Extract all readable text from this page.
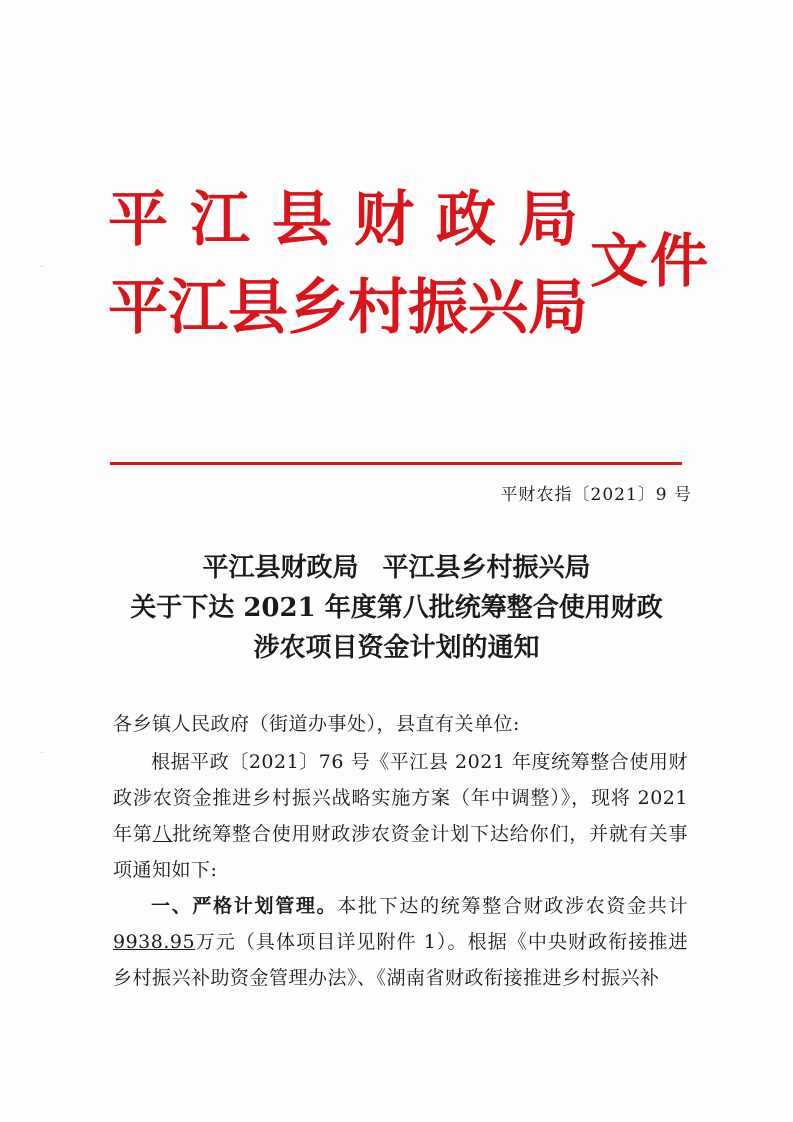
·
·
平 江 县 财 政 局
平 江 县 乡 村 振 兴 局
文件
平财农指〔2021〕9 号
平江县财政局 平江县乡村振兴局
关于下达 2021 年度第八批统筹整合使用财政
涉农项目资金计划的通知

各乡镇人民政府（街道办事处），县直有关单位:

根据平政〔2021〕76 号《平江县 2021 年度统筹整合使用财政涉农资金推进乡村振兴战略实施方案（年中调整）》，现将 2021 年第八批统筹整合使用财政涉农资金计划下达给你们，并就有关事项通知如下:

一、严格计划管理。本批下达的统筹整合财政涉农资金共计9938.95万元（具体项目详见附件 1）。根据《中央财政衔接推进乡村振兴补助资金管理办法》、《湖南省财政衔接推进乡村振兴补
